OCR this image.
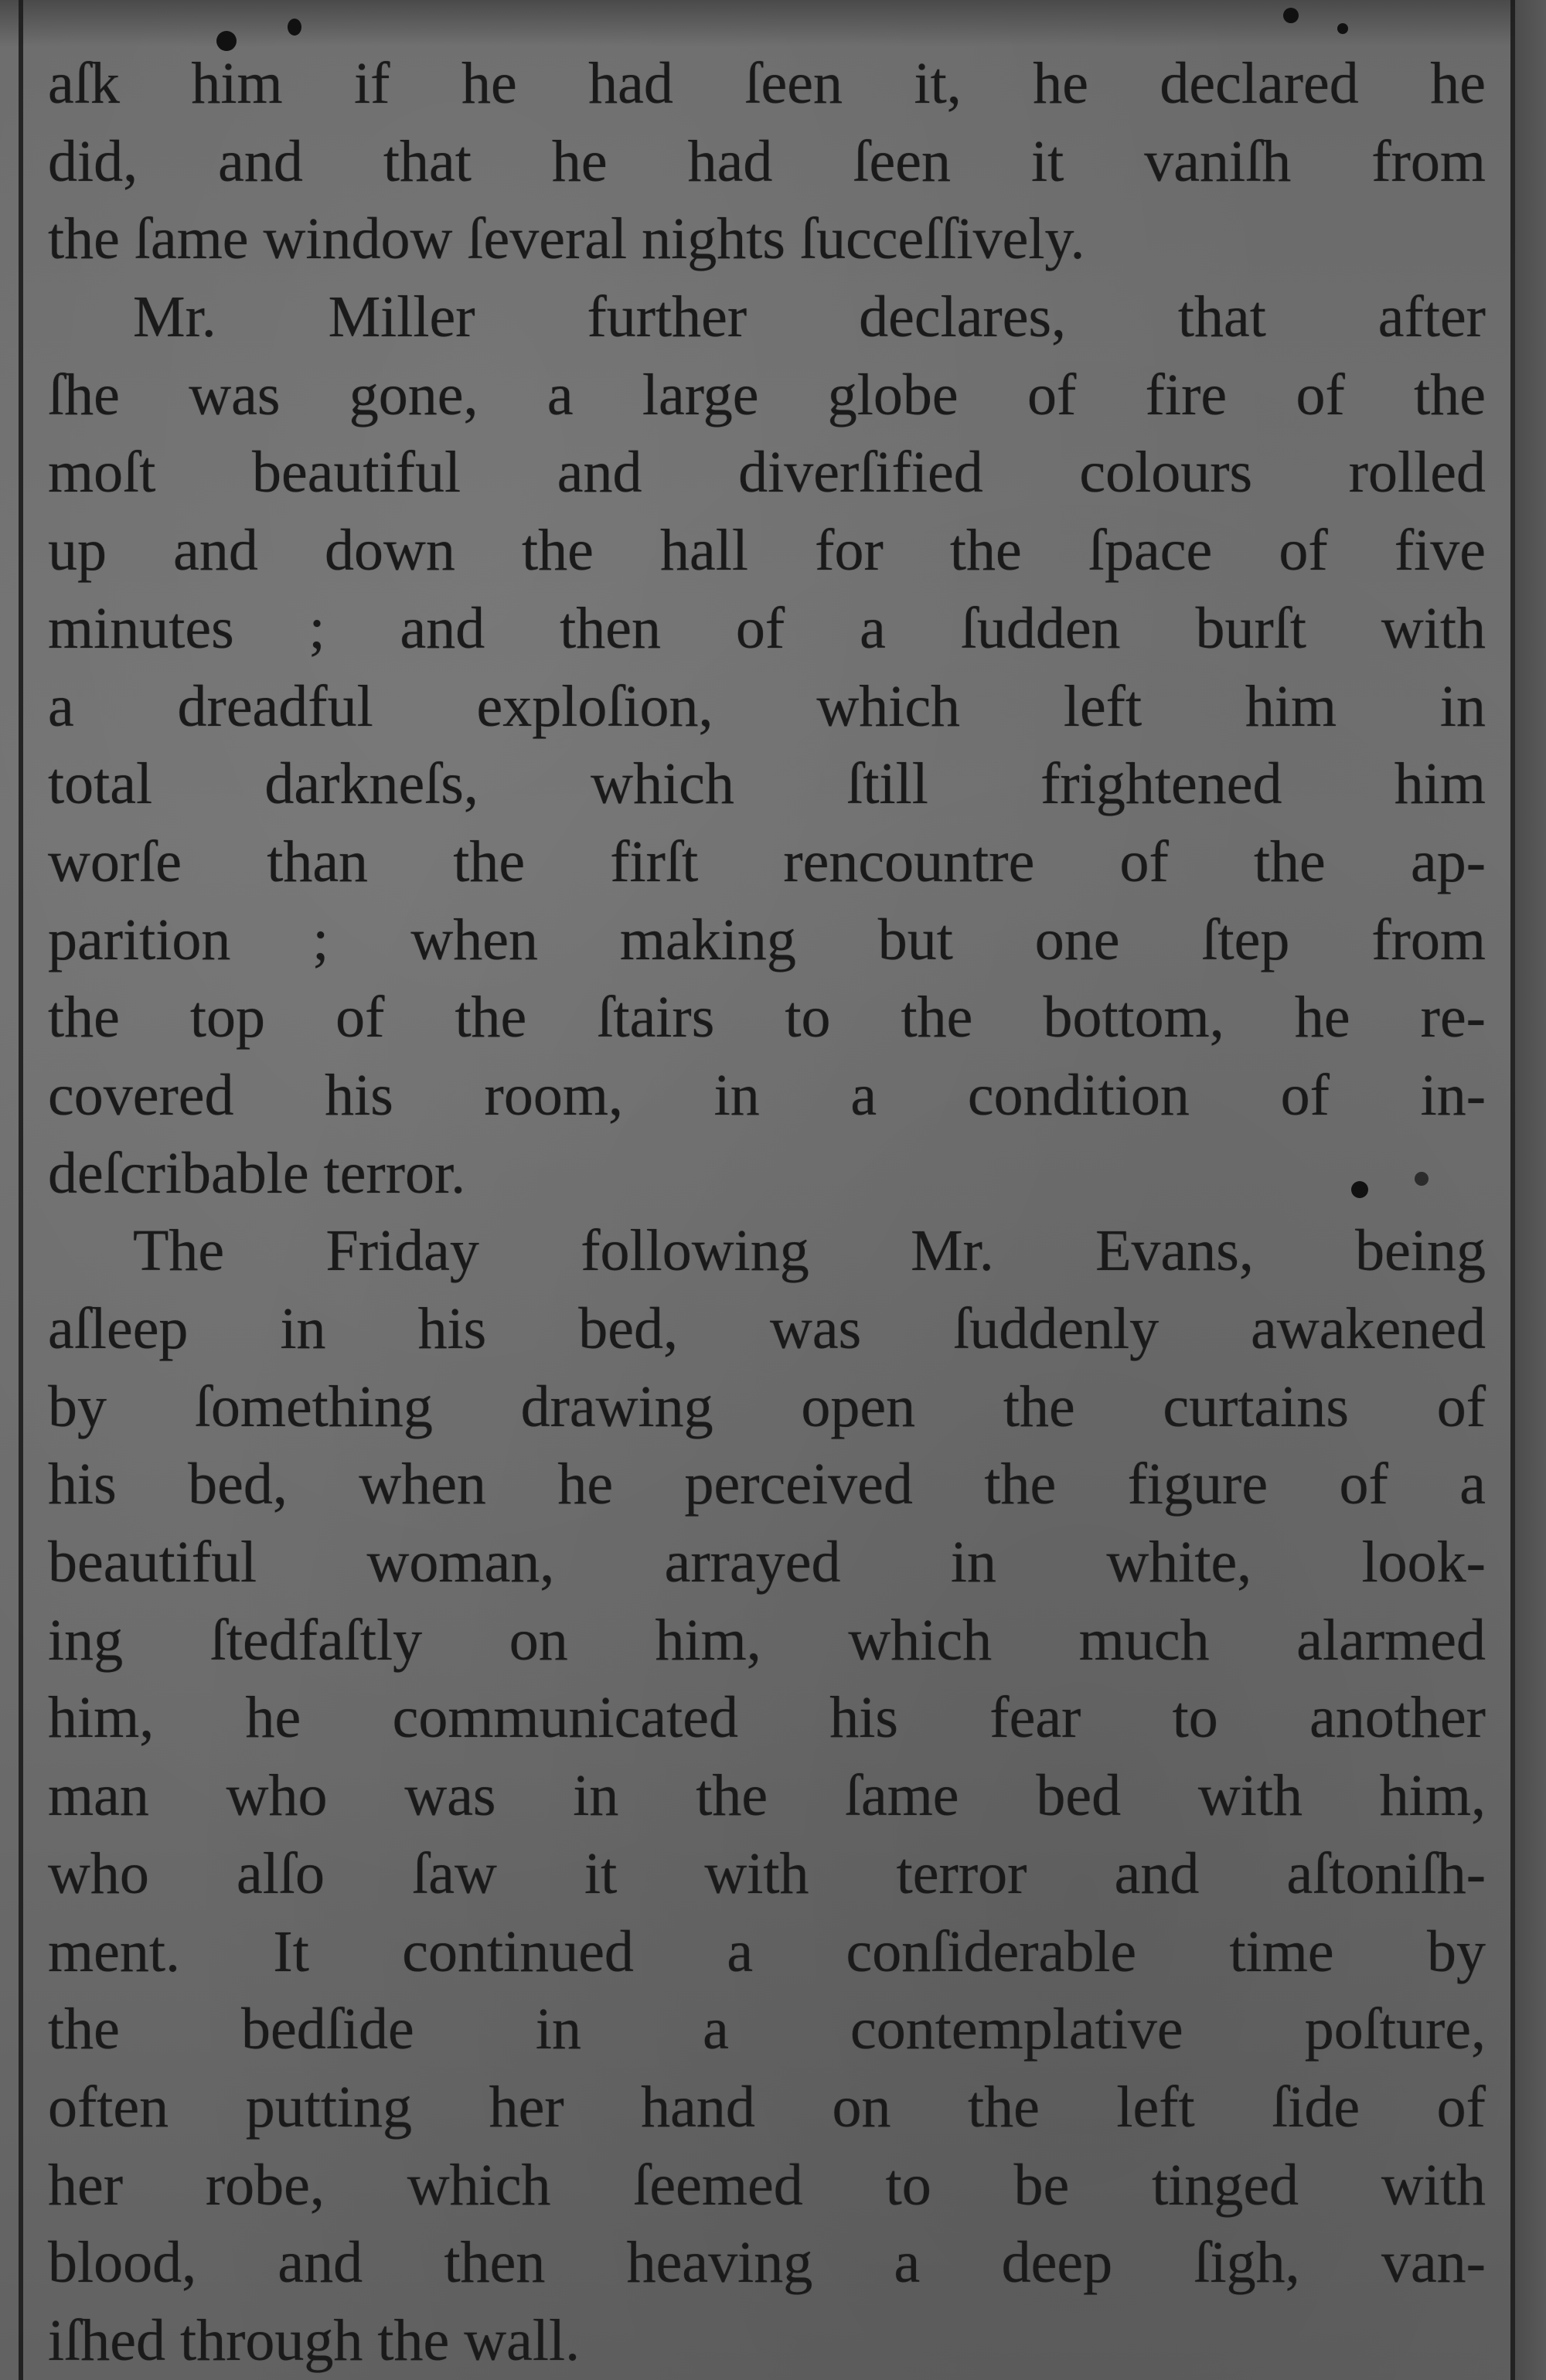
aſk him if he had ſeen it, he declared he
did, and that he had ſeen it vaniſh from
the ſame window ſeveral nights ſucceſſively.
Mr. Miller further declares, that after
ſhe was gone, a large globe of fire of the
moſt beautiful and diverſified colours rolled
up and down the hall for the ſpace of five
minutes ; and then of a ſudden burſt with
a dreadful exploſion, which left him in
total darkneſs, which ſtill frightened him
worſe than the firſt rencountre of the ap-
parition ; when making but one ſtep from
the top of the ſtairs to the bottom, he re-
covered his room, in a condition of in-
deſcribable terror.
The Friday following Mr. Evans, being
aſleep in his bed, was ſuddenly awakened
by ſomething drawing open the curtains of
his bed, when he perceived the figure of a
beautiful woman, arrayed in white, look-
ing ſtedfaſtly on him, which much alarmed
him, he communicated his fear to another
man who was in the ſame bed with him,
who alſo ſaw it with terror and aſtoniſh-
ment. It continued a conſiderable time by
the bedſide in a contemplative poſture,
often putting her hand on the left ſide of
her robe, which ſeemed to be tinged with
blood, and then heaving a deep ſigh, van-
iſhed through the wall.
